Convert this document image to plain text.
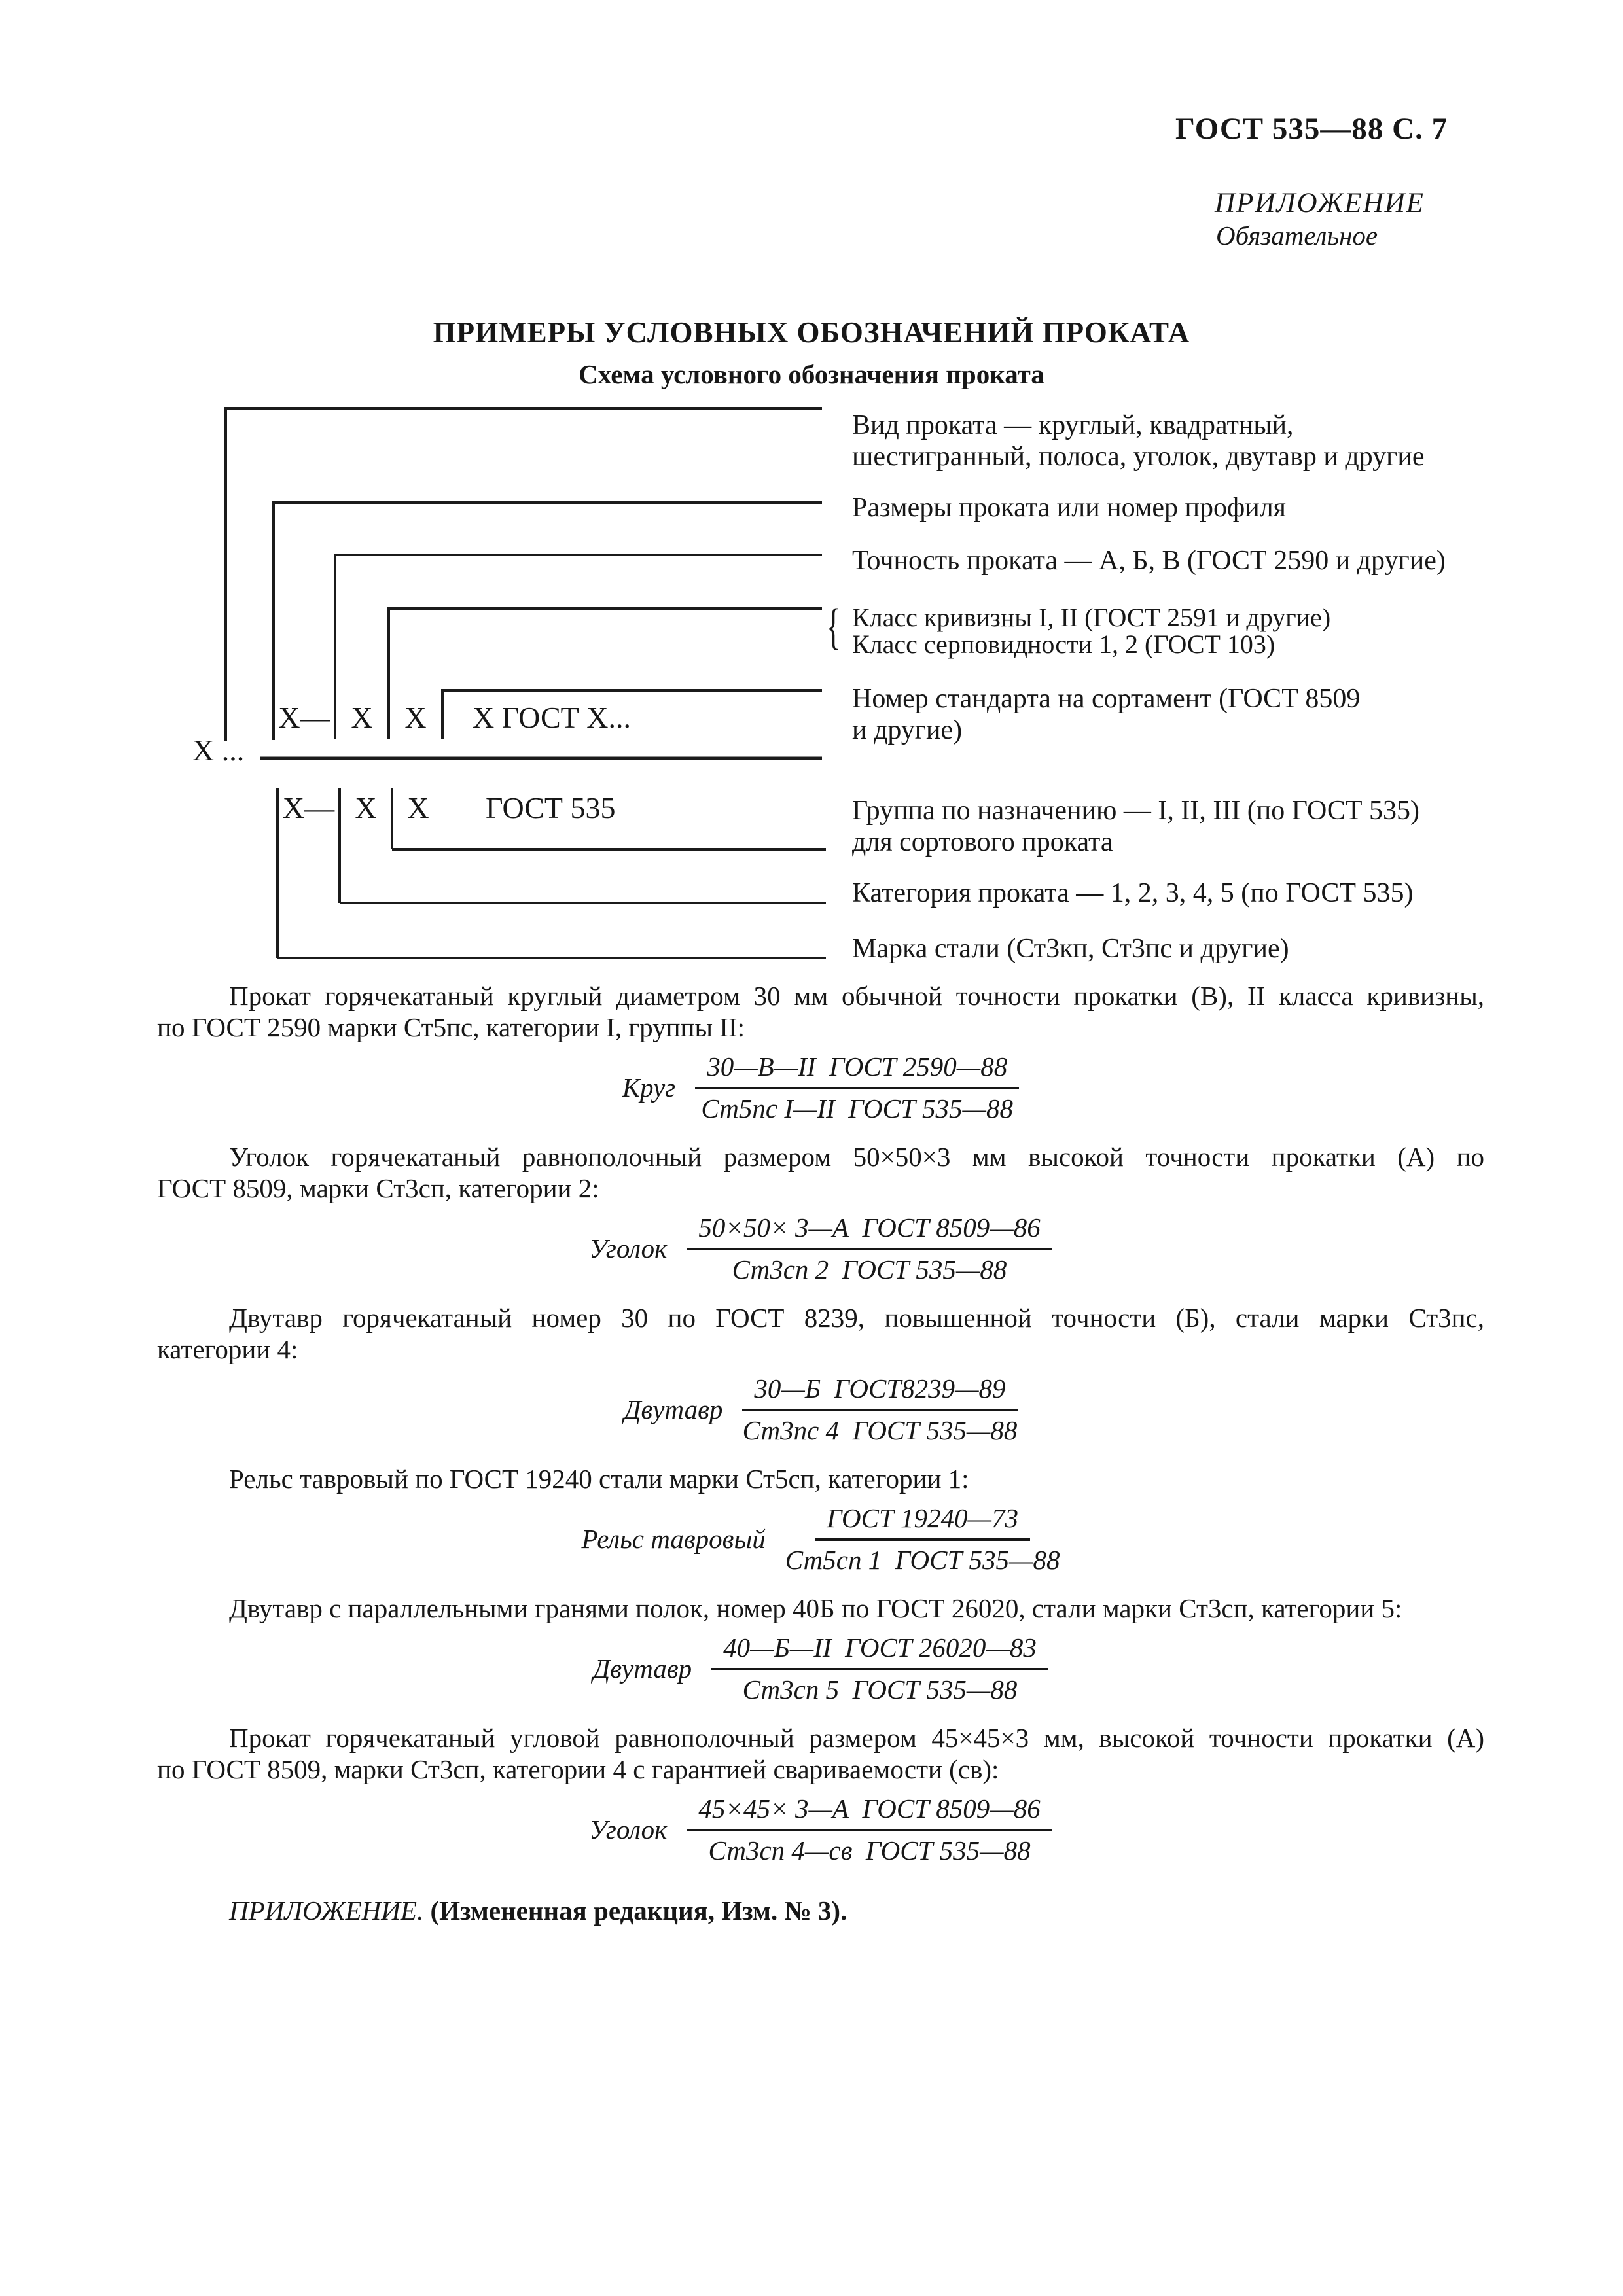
ГОСТ 535—88 С. 7
ПРИЛОЖЕНИЕ
Обязательное
ПРИМЕРЫ УСЛОВНЫХ ОБОЗНАЧЕНИЙ ПРОКАТА
Схема условного обозначения проката
Х ...
Х— Х	Х	Х ГОСТ Х...
Х— Х	Х	ГОСТ 535
Вид проката — круглый, квадратный,
шестигранный, полоса, уголок, двутавр и другие
Размеры проката или номер профиля
Точность проката — А, Б, В (ГОСТ 2590 и другие)
{ Класс кривизны I, II (ГОСТ 2591 и другие)
Класс серповидности 1, 2 (ГОСТ 103)
Номер стандарта на сортамент (ГОСТ 8509
и другие)
Группа по назначению — I, II, III (по ГОСТ 535)
для сортового проката
Категория проката — 1, 2, 3, 4, 5 (по ГОСТ 535)
Марка стали (Ст3кп, Ст3пс и другие)
Прокат горячекатаный круглый диаметром 30 мм обычной точности прокатки (В), II класса кривизны,
по ГОСТ 2590 марки Ст5пс, категории I, группы II:
Круг $\frac{\text{30—В—II  ГОСТ 2590—88}}{\text{Ст5пс I—II  ГОСТ 535—88}}$
Уголок горячекатаный равнополочный размером 50×50×3 мм высокой точности прокатки (А) по
ГОСТ 8509, марки Ст3сп, категории 2:
Уголок $\frac{\text{50×50× 3—А  ГОСТ 8509—86}}{\text{Ст3сп 2  ГОСТ 535—88}}$
Двутавр горячекатаный номер 30 по ГОСТ 8239, повышенной точности (Б), стали марки Ст3пс,
категории 4:
Двутавр $\frac{\text{30—Б  ГОСТ8239—89}}{\text{Ст3пс 4  ГОСТ 535—88}}$
Рельс тавровый по ГОСТ 19240 стали марки Ст5сп, категории 1:
Рельс тавровый $\frac{\text{ГОСТ 19240—73}}{\text{Ст5сп 1  ГОСТ 535—88}}$
Двутавр с параллельными гранями полок, номер 40Б по ГОСТ 26020, стали марки Ст3сп, категории 5:
Двутавр $\frac{\text{40—Б—II  ГОСТ 26020—83}}{\text{Ст3сп 5  ГОСТ 535—88}}$
Прокат горячекатаный угловой равнополочный размером 45×45×3 мм, высокой точности прокатки (А)
по ГОСТ 8509, марки Ст3сп, категории 4 с гарантией свариваемости (св):
Уголок $\frac{\text{45×45× 3—А  ГОСТ 8509—86}}{\text{Ст3сп 4—св  ГОСТ 535—88}}$
ПРИЛОЖЕНИЕ. (Измененная редакция, Изм. № 3).
